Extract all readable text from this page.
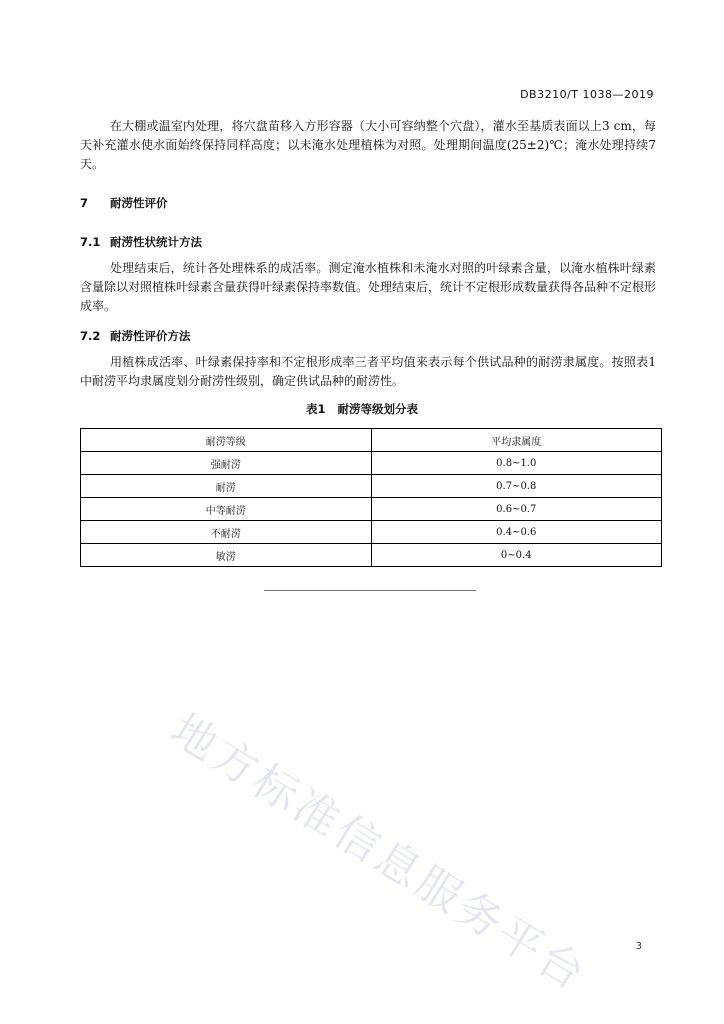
DB3210/T 1038—2019

在大棚或温室内处理，将穴盘苗移入方形容器（大小可容纳整个穴盘），灌水至基质表面以上3 cm，每天补充灌水使水面始终保持同样高度；以未淹水处理植株为对照。处理期间温度(25±2)℃；淹水处理持续7天。

7 耐涝性评价
7.1 耐涝性状统计方法

处理结束后，统计各处理株系的成活率。测定淹水植株和未淹水对照的叶绿素含量，以淹水植株叶绿素含量除以对照植株叶绿素含量获得叶绿素保持率数值。处理结束后，统计不定根形成数量获得各品种不定根形成率。

7.2 耐涝性评价方法

用植株成活率、叶绿素保持率和不定根形成率三者平均值来表示每个供试品种的耐涝隶属度。按照表1中耐涝平均隶属度划分耐涝性级别，确定供试品种的耐涝性。

表1 耐涝等级划分表
耐涝等级	平均隶属度
强耐涝	0.8~1.0
耐涝	0.7~0.8
中等耐涝	0.6~0.7
不耐涝	0.4~0.6
敏涝	0~0.4
地方标准信息服务平台	3
